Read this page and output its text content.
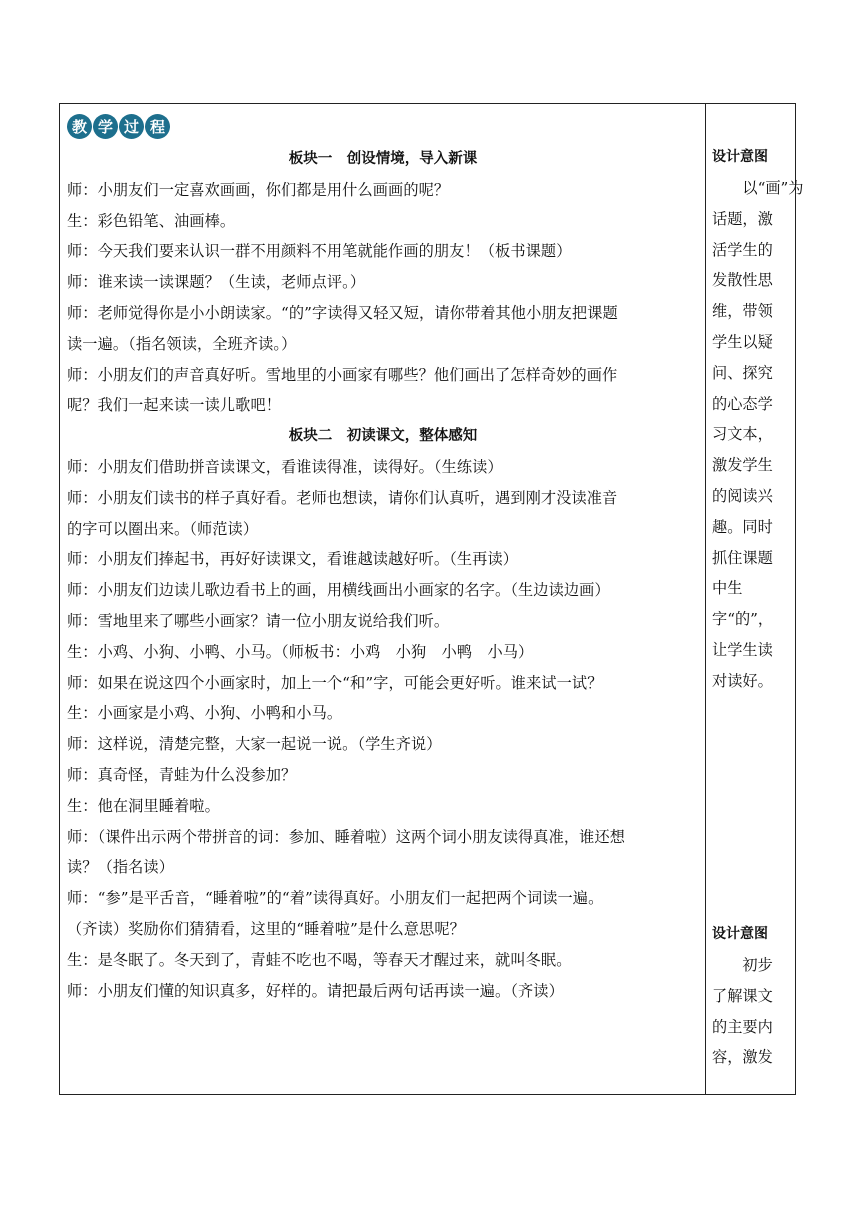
教 学 过 程
板块一　创设情境，导入新课
师：小朋友们一定喜欢画画，你们都是用什么画画的呢？
生：彩色铅笔、油画棒。
师：今天我们要来认识一群不用颜料不用笔就能作画的朋友！（板书课题）
师：谁来读一读课题？（生读，老师点评。）
师：老师觉得你是小小朗读家。“的”字读得又轻又短，请你带着其他小朋友把课题
读一遍。（指名领读，全班齐读。）
师：小朋友们的声音真好听。雪地里的小画家有哪些？他们画出了怎样奇妙的画作
呢？我们一起来读一读儿歌吧！
板块二　初读课文，整体感知
师：小朋友们借助拼音读课文，看谁读得准，读得好。（生练读）
师：小朋友们读书的样子真好看。老师也想读，请你们认真听，遇到刚才没读准音
的字可以圈出来。（师范读）
师：小朋友们捧起书，再好好读课文，看谁越读越好听。（生再读）
师：小朋友们边读儿歌边看书上的画，用横线画出小画家的名字。（生边读边画）
师：雪地里来了哪些小画家？请一位小朋友说给我们听。
生：小鸡、小狗、小鸭、小马。（师板书：小鸡　小狗　小鸭　小马）
师：如果在说这四个小画家时，加上一个“和”字，可能会更好听。谁来试一试？
生：小画家是小鸡、小狗、小鸭和小马。
师：这样说，清楚完整，大家一起说一说。（学生齐说）
师：真奇怪，青蛙为什么没参加？
生：他在洞里睡着啦。
师：（课件出示两个带拼音的词：参加、睡着啦）这两个词小朋友读得真准，谁还想
读？（指名读）
师：“参”是平舌音，“睡着啦”的“着”读得真好。小朋友们一起把两个词读一遍。
（齐读）奖励你们猜猜看，这里的“睡着啦”是什么意思呢？
生：是冬眠了。冬天到了，青蛙不吃也不喝，等春天才醒过来，就叫冬眠。
师：小朋友们懂的知识真多，好样的。请把最后两句话再读一遍。（齐读）
设计意图
以“画”为话题，激活学生的发散性思维，带领学生以疑问、探究的心态学习文本，激发学生的阅读兴趣。同时抓住课题中生字“的”，让学生读对读好。
设计意图
初步了解课文的主要内容，激发
